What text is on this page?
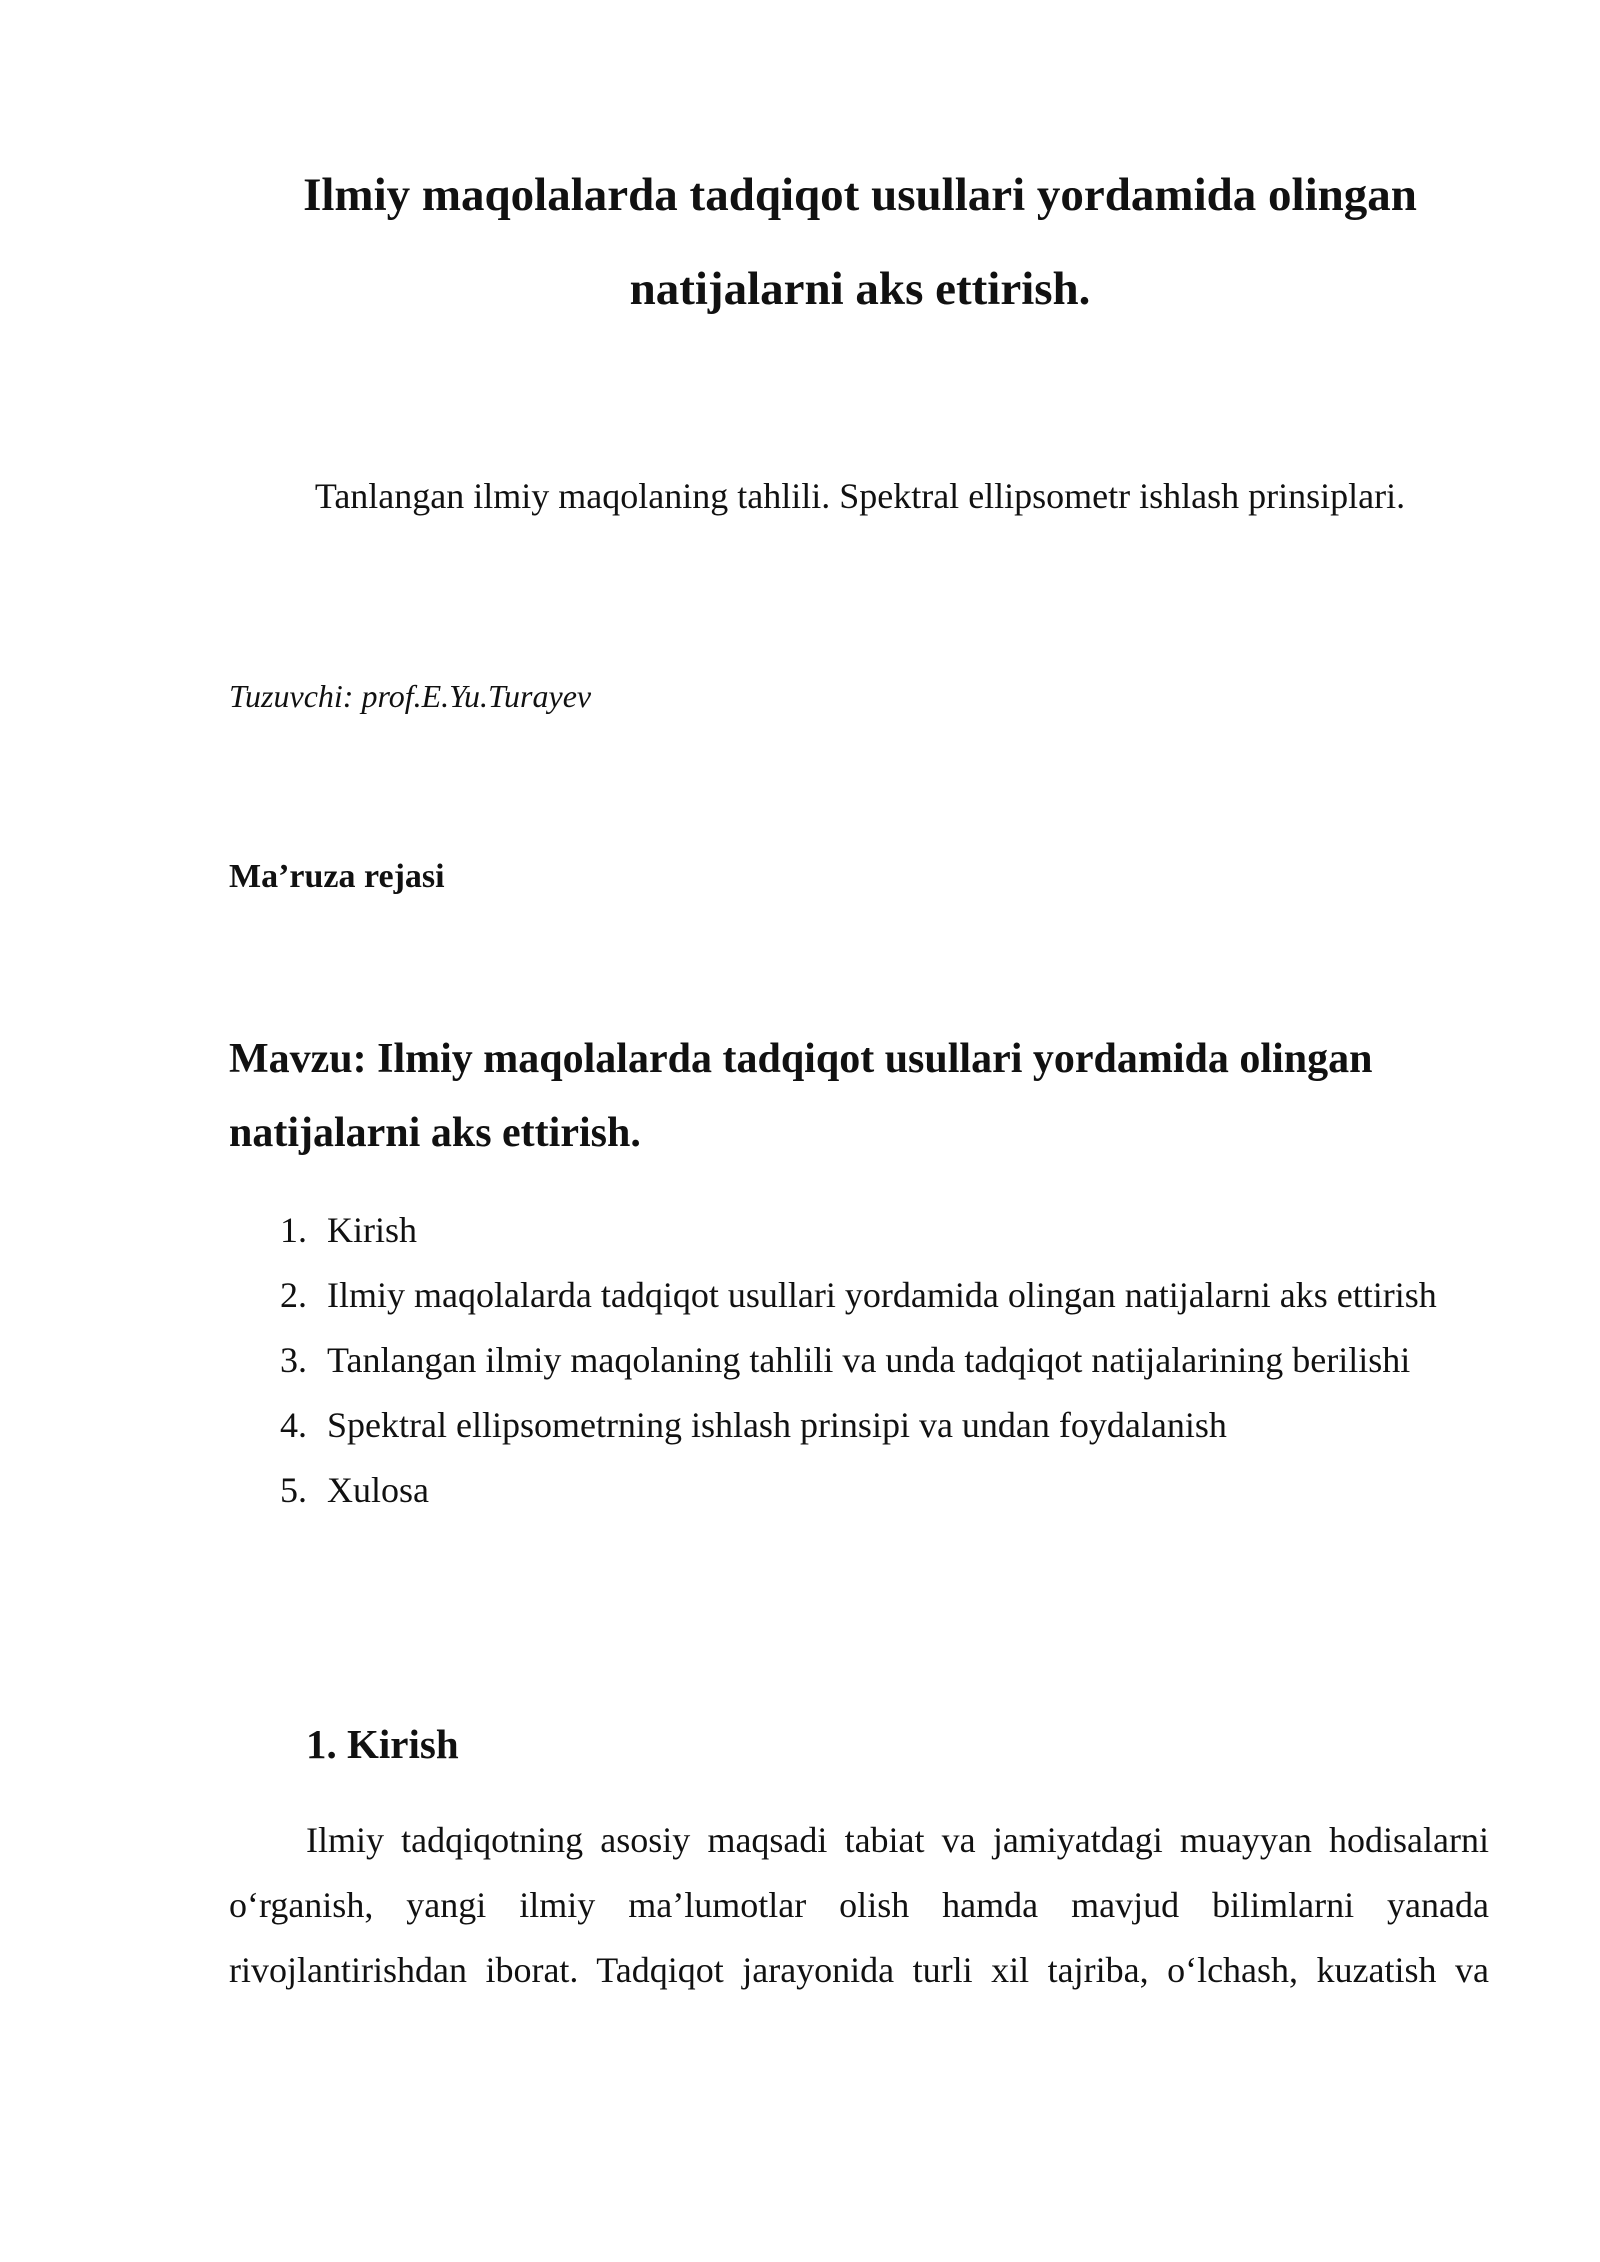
Ilmiy maqolalarda tadqiqot usullari yordamida olingan natijalarni aks ettirish.

Tanlangan ilmiy maqolaning tahlili. Spektral ellipsometr ishlash prinsiplari.

Tuzuvchi: prof.E.Yu.Turayev

Ma’ruza rejasi

Mavzu: Ilmiy maqolalarda tadqiqot usullari yordamida olingan natijalarni aks ettirish.
1. Kirish
2. Ilmiy maqolalarda tadqiqot usullari yordamida olingan natijalarni aks ettirish
3. Tanlangan ilmiy maqolaning tahlili va unda tadqiqot natijalarining berilishi
4. Spektral ellipsometrning ishlash prinsipi va undan foydalanish
5. Xulosa
1. Kirish

Ilmiy tadqiqotning asosiy maqsadi tabiat va jamiyatdagi muayyan hodisalarni o‘rganish, yangi ilmiy ma’lumotlar olish hamda mavjud bilimlarni yanada rivojlantirishdan iborat. Tadqiqot jarayonida turli xil tajriba, o‘lchash, kuzatish va
